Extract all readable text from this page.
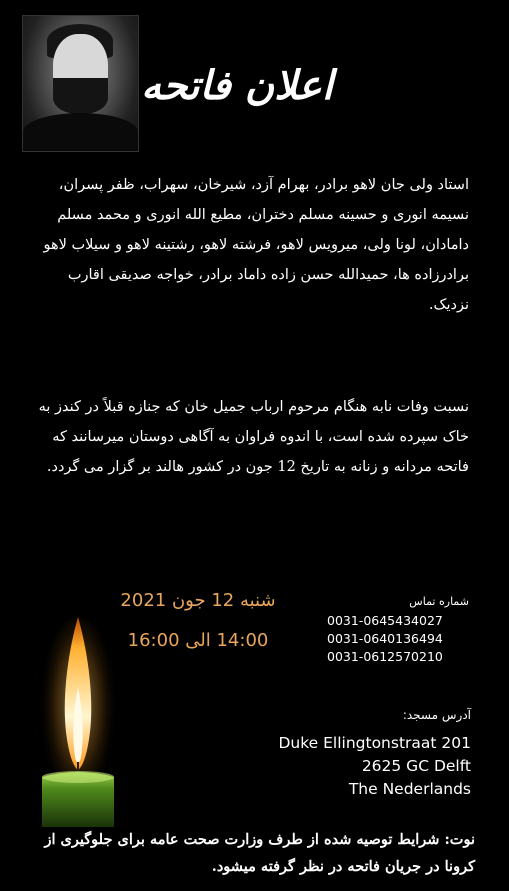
اعلان فاتحه
استاد ولی جان لاهو برادر، بهرام آزد، شیرخان، سهراب، ظفر پسران، نسیمه انوری و حسینه مسلم دختران، مطیع الله انوری و محمد مسلم دامادان، لونا ولی، میرویس لاهو، فرشته لاهو، رشتینه لاهو و سیلاب لاهو برادرزاده ها، حمیدالله حسن زاده داماد برادر، خواجه صدیقی اقارب نزدیک.
نسبت وفات نابه هنگام مرحوم ارباب جمیل خان که جنازه قبلاً در کندز به خاک سپرده شده است، با اندوه فراوان به آگاهی دوستان میرسانند که فاتحه مردانه و زنانه به تاریخ 12 جون در کشور هالند بر گزار می گردد.
شنبه 12 جون 2021
14:00 الی 16:00
شماره تماس
0031-0645434027
0031-0640136494
0031-0612570210
آدرس مسجد:
Duke Ellingtonstraat 201
2625 GC Delft
The Nederlands
نوت: شرایط توصیه شده از طرف وزارت صحت عامه برای جلوگیری از کرونا در جریان فاتحه در نظر گرفته میشود.
